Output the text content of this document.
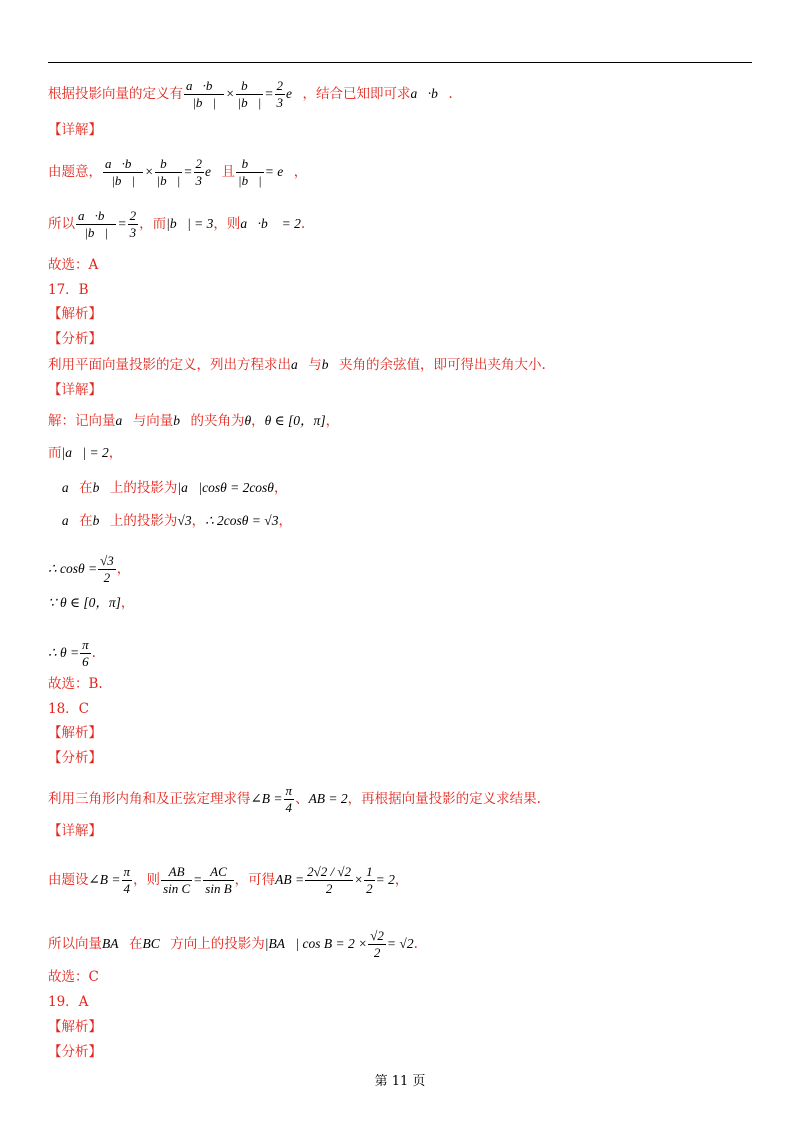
根据投影向量的定义有 $\frac{a⃗\cdot b⃗}{|b⃗|} \times \frac{b⃗}{|b⃗|} = \frac{2}{3}$ e⃗，结合已知即可求a⃗·b⃗.
【详解】
由题意， $\frac{a⃗\cdot b⃗}{|b⃗|} \times \frac{b⃗}{|b⃗|} = \frac{2}{3}$ e⃗且 $\frac{b⃗}{|b⃗|}$ = e⃗，
所以 $\frac{a⃗\cdot b⃗}{|b⃗|} = \frac{2}{3}$ ，而|b⃗| = 3，则a⃗·b⃗ = 2.
故选：A
17．B
【解析】
【分析】
利用平面向量投影的定义，列出方程求出a⃗与b⃗夹角的余弦值，即可得出夹角大小.
【详解】
解：记向量a⃗与向量b⃗的夹角为θ，θ ∈ [0，π]，
而|a⃗| = 2，
∴ a⃗在b⃗上的投影为|a⃗|cosθ = 2cosθ，
∵ a⃗在b⃗上的投影为√3，∴ 2cosθ = √3，
∴ $\cos\theta = \frac{√3}{2}$ ，
∵ θ ∈ [0，π]，
∴ $\theta = \frac{\pi}{6}$ .
故选：B.
18．C
【解析】
【分析】
利用三角形内角和及正弦定理求得∠B = $\frac{\pi}{4}$ 、AB = 2，再根据向量投影的定义求结果.
【详解】
由题设∠B = $\frac{\pi}{4}$ ，则 $\frac{AB}{\text{sin C}} = \frac{AC}{\text{sin B}}$ ，可得AB = $\frac{2√2 / √2}{2} \times \frac{1}{2} = 2$，
所以向量BA⃗在BC⃗方向上的投影为|BA⃗| $\cos B = 2 \times \frac{√2}{2} = √2$.
故选：C
19．A
【解析】
【分析】
第 11 页
